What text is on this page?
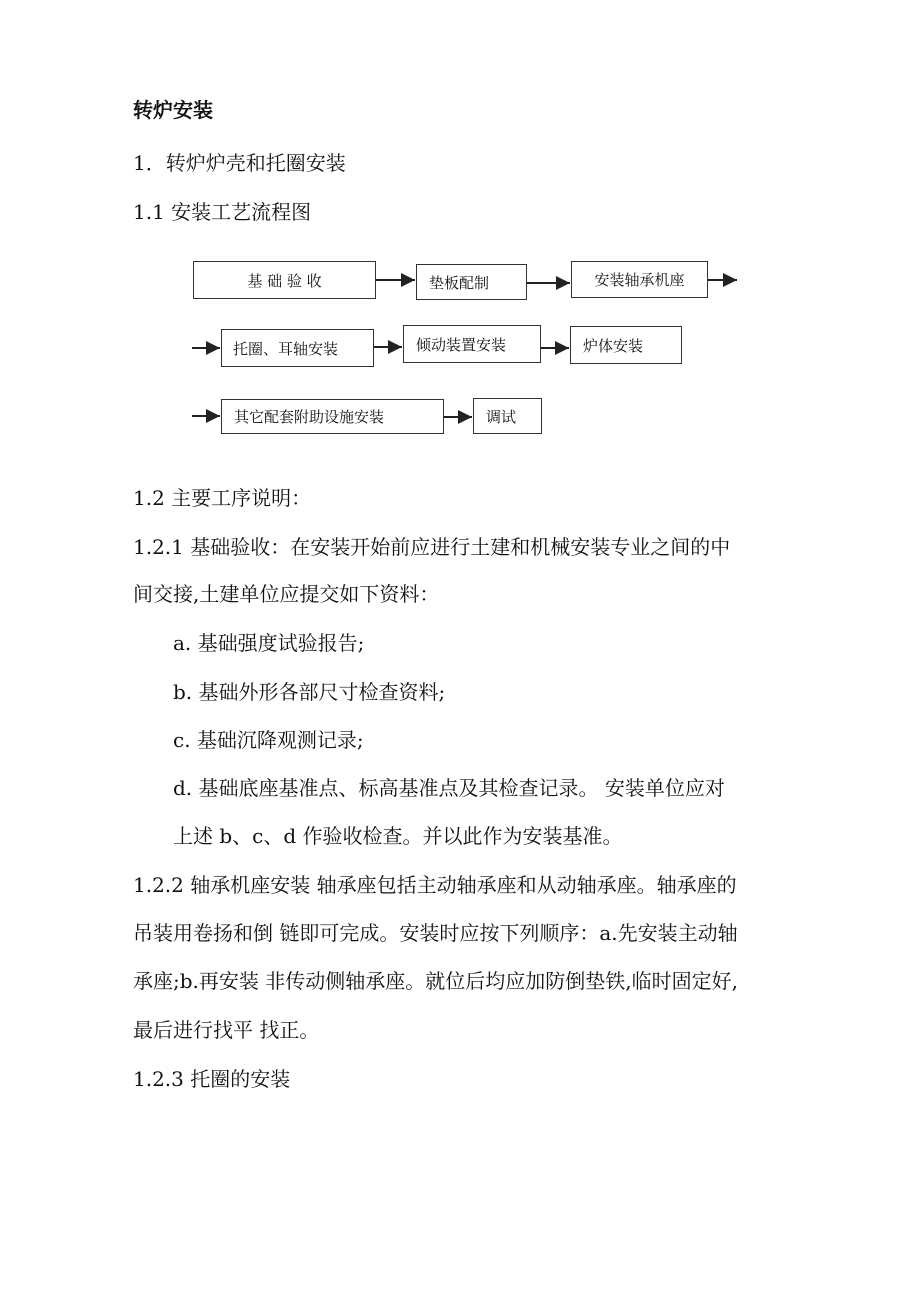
转炉安装
1．转炉炉壳和托圈安装
1.1 安装工艺流程图
基 础 验 收	垫板配制	安装轴承机座
托圈、耳轴安装	倾动装置安装	炉体安装
其它配套附助设施安装	调试
1.2 主要工序说明：
1.2.1 基础验收：在安装开始前应进行土建和机械安装专业之间的中
间交接,土建单位应提交如下资料：
a. 基础强度试验报告;
b. 基础外形各部尺寸检查资料;
c. 基础沉降观测记录;
d. 基础底座基准点、标高基准点及其检查记录。 安装单位应对
上述 b、c、d 作验收检查。并以此作为安装基准。
1.2.2 轴承机座安装 轴承座包括主动轴承座和从动轴承座。轴承座的
吊装用卷扬和倒 链即可完成。安装时应按下列顺序：a.先安装主动轴
承座;b.再安装 非传动侧轴承座。就位后均应加防倒垫铁,临时固定好,
最后进行找平 找正。
1.2.3 托圈的安装
